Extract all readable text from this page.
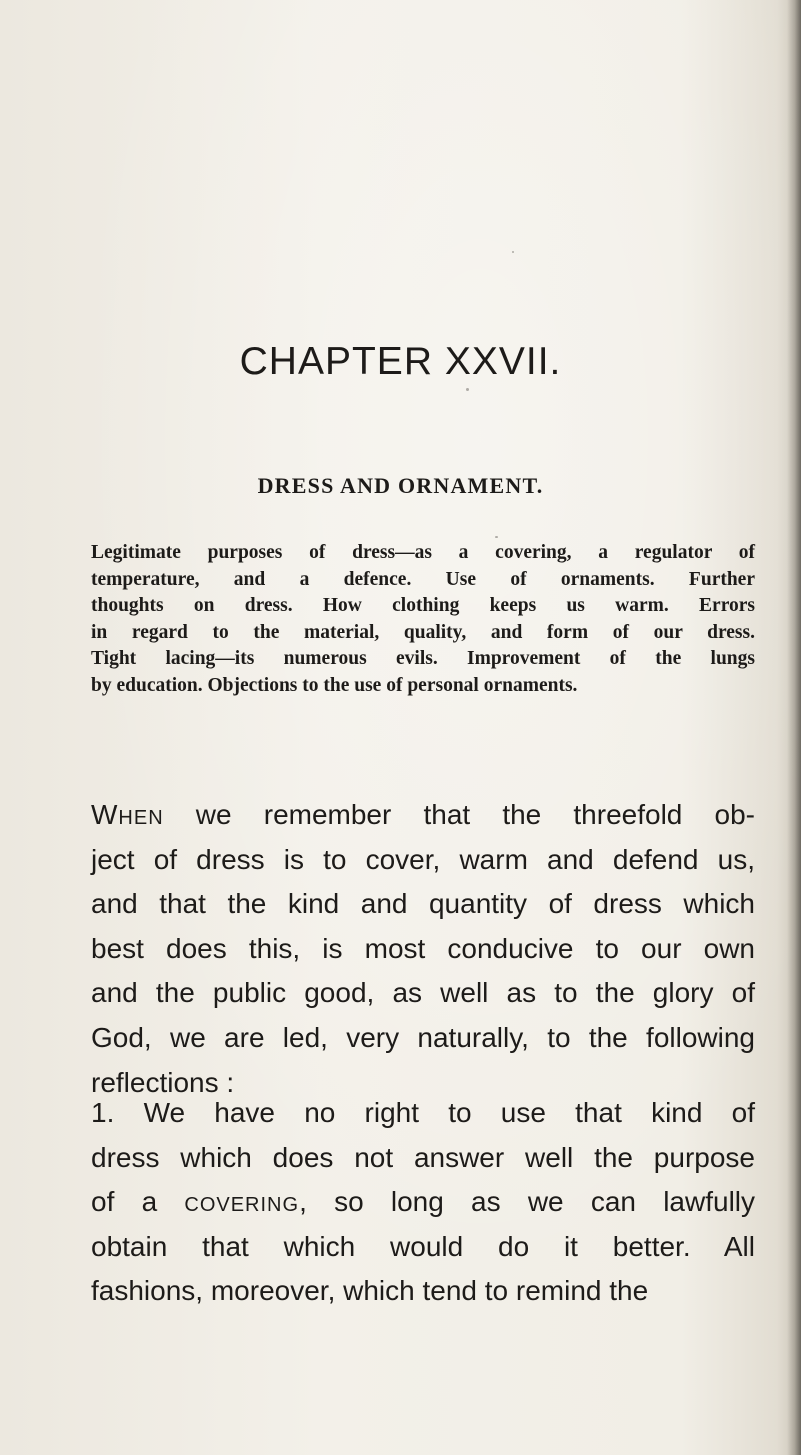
CHAPTER XXVII.
DRESS AND ORNAMENT.
Legitimate purposes of dress—as a covering, a regulator of
temperature, and a defence. Use of ornaments. Further
thoughts on dress. How clothing keeps us warm. Errors
in regard to the material, quality, and form of our dress.
Tight lacing—its numerous evils. Improvement of the lungs
by education. Objections to the use of personal ornaments.
When we remember that the threefold ob-
ject of dress is to cover, warm and defend us,
and that the kind and quantity of dress which
best does this, is most conducive to our own
and the public good, as well as to the glory of
God, we are led, very naturally, to the following
reflections :
1. We have no right to use that kind of
dress which does not answer well the purpose
of a covering, so long as we can lawfully
obtain that which would do it better. All
fashions, moreover, which tend to remind the
